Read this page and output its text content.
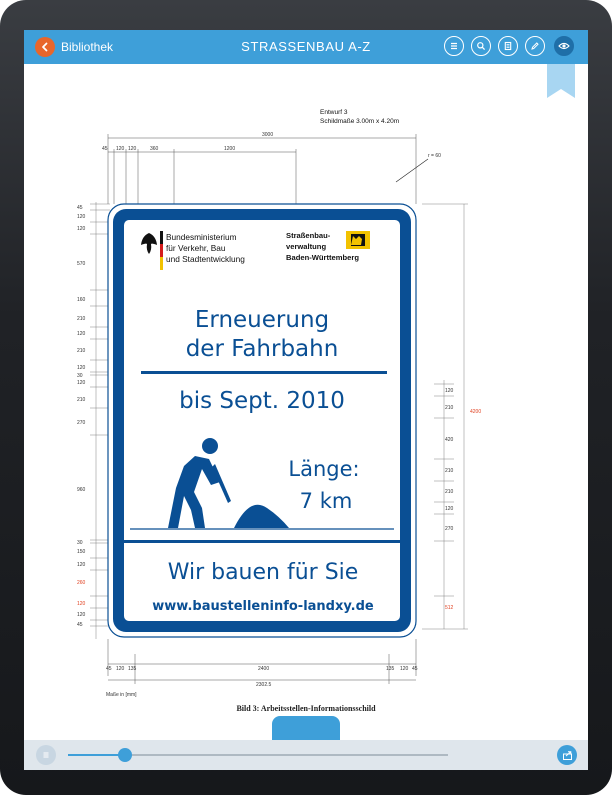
Bibliothek	STRASSENBAU A-Z
Entwurf 3
Schildmaße 3.00m x 4.20m
3000
45 120 120	360	1200
r = 60
45
120
120
570
160
210
120
210
120
30
120
210
270
960
30
150
120
260
120
120
45
120
210
420
210
210
120
270
512
4200
Bundesministerium
für Verkehr, Bau
und Stadtentwicklung
Straßenbau-
verwaltung
Baden-Württemberg
Erneuerung
der Fahrbahn
bis Sept. 2010
Länge:
7 km
Wir bauen für Sie
www.baustelleninfo-landxy.de
45 120 135	2400	135 120 45
2302.5
Maße in [mm]
Bild 3: Arbeitsstellen-Informationsschild
